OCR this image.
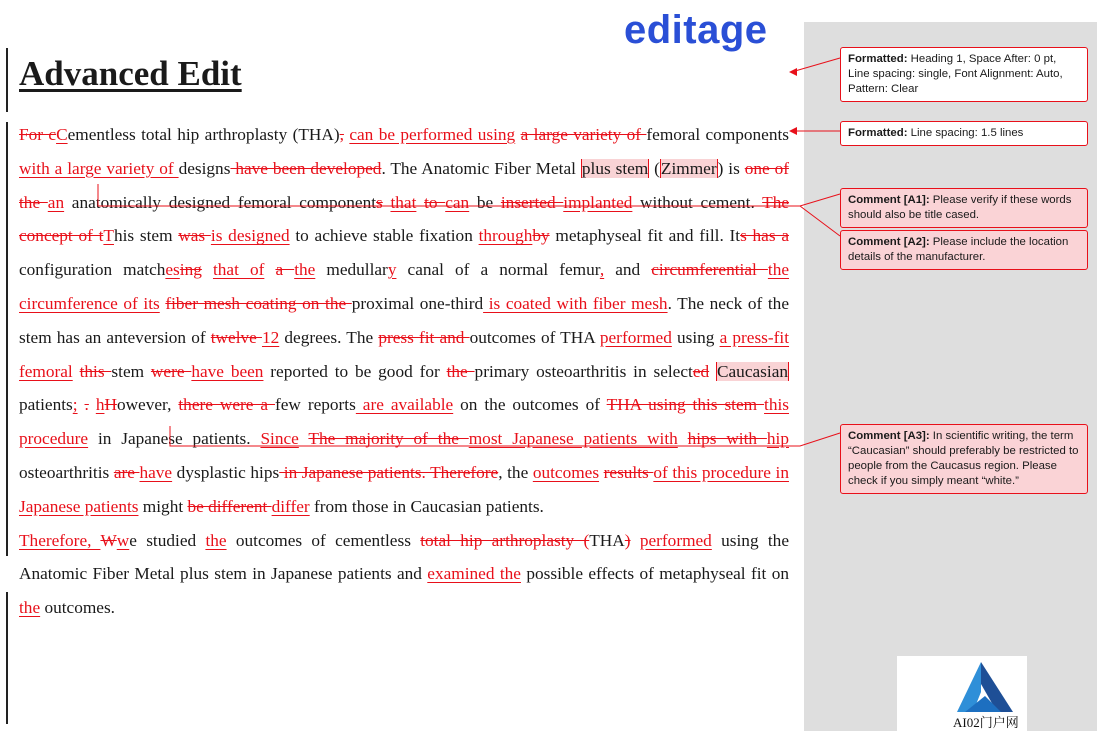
editage
Advanced Edit

For cCementless total hip arthroplasty (THA), can be performed using a large variety of femoral components with a large variety of designs have been developed. The Anatomic Fiber Metal plus stem (Zimmer) is one of the an anatomically designed femoral components that to can be inserted implanted without cement. The concept of tThis stem was is designed to achieve stable fixation throughby metaphyseal fit and fill. Its has a configuration matchesing that of a the medullary canal of a normal femur, and circumferential the circumference of its fiber mesh coating on the proximal one-third is coated with fiber mesh. The neck of the stem has an anteversion of twelve 12 degrees. The press fit and outcomes of THA performed using a press-fit femoral this stem were have been reported to be good for the primary osteoarthritis in selected Caucasian patients; . hHowever, there were a few reports are available on the outcomes of THA using this stem this procedure in Japanese patients. Since The majority of the most Japanese patients with hips with hip osteoarthritis are have dysplastic hips in Japanese patients. Therefore, the outcomes results of this procedure in Japanese patients might be different differ from those in Caucasian patients.

Therefore, Wwe studied the outcomes of cementless total hip arthroplasty (THA) performed using the Anatomic Fiber Metal plus stem in Japanese patients and examined the possible effects of metaphyseal fit on the outcomes.

Formatted: Heading 1, Space After: 0 pt, Line spacing: single, Font Alignment: Auto, Pattern: Clear
Formatted: Line spacing: 1.5 lines
Comment [A1]: Please verify if these words should also be title cased.
Comment [A2]: Please include the location details of the manufacturer.
Comment [A3]: In scientific writing, the term “Caucasian” should preferably be restricted to people from the Caucasus region. Please check if you simply meant “white.”
AI02门户网
